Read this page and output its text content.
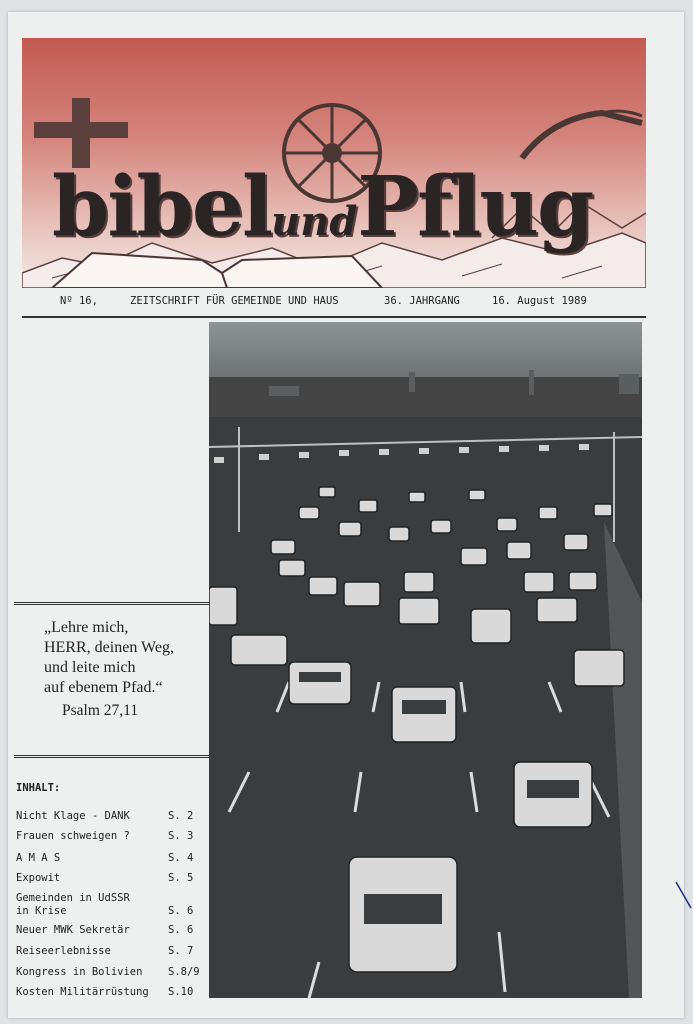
bibelundPflug
Nº 16,	ZEITSCHRIFT FÜR GEMEINDE UND HAUS	36. JAHRGANG	16. August 1989
„Lehre mich,
HERR, deinen Weg,
und leite mich
auf ebenem Pfad.“
Psalm 27,11
INHALT:
Nicht Klage - DANK	S. 2
Frauen schweigen ?	S. 3
A M A S	S. 4
Expowit	S. 5
Gemeinden in UdSSR
in Krise	S. 6
Neuer MWK Sekretär	S. 6
Reiseerlebnisse	S. 7
Kongress in Bolivien S.8/9
Kosten Militärrüstung S.10
